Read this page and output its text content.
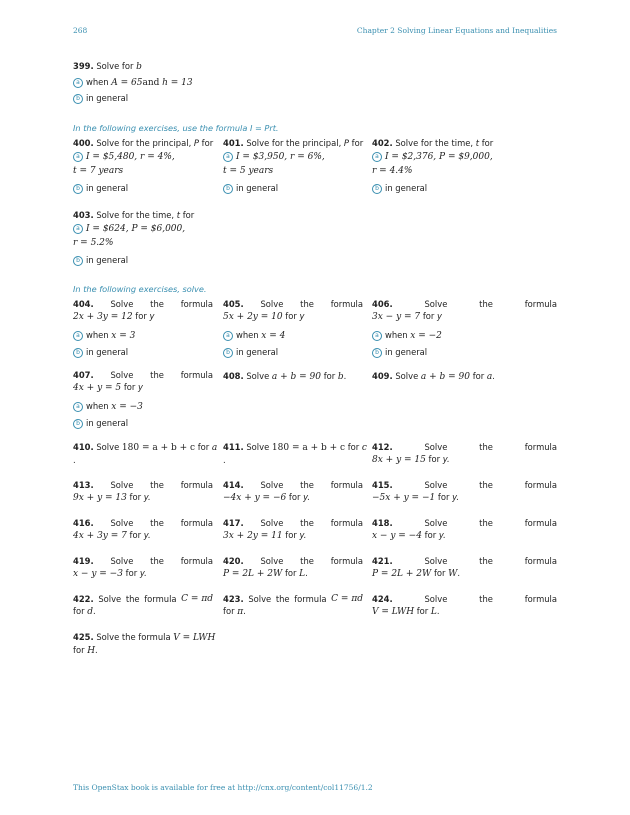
268	Chapter 2 Solving Linear Equations and Inequalities
399. Solve for b
a when A = 65and h = 13
b in general
In the following exercises, use the formula I = Prt.
400. Solve for the principal, P for
a I = $5,480, r = 4%,
t = 7 years
b in general
401. Solve for the principal, P for
a I = $3,950, r = 6%,
t = 5 years
b in general
402. Solve for the time, t for
a I = $2,376, P = $9,000,
r = 4.4%
b in general
403. Solve for the time, t for
a I = $624, P = $6,000,
r = 5.2%
b in general
In the following exercises, solve.
404. Solve the formula
2x + 3y = 12 for y
a when x = 3
b in general
405. Solve the formula
5x + 2y = 10 for y
a when x = 4
b in general
406.	Solve	the	formula
3x − y = 7 for y
a when x = −2
b in general
407. Solve the formula
4x + y = 5 for y
a when x = −3
b in general
408. Solve a + b = 90 for b.	409. Solve a + b = 90 for a.
410. Solve 180 = a + b + c for a
.
411. Solve 180 = a + b + c for c
.
412.	Solve	the	formula
8x + y = 15 for y.
413. Solve the formula
9x + y = 13 for y.
414. Solve the formula
−4x + y = −6 for y.
415.	Solve	the	formula
−5x + y = −1 for y.
416. Solve the formula
4x + 3y = 7 for y.
417. Solve the formula
3x + 2y = 11 for y.
418.	Solve	the	formula
x − y = −4 for y.
419. Solve the formula
x − y = −3 for y.
420. Solve the formula
P = 2L + 2W for L.
421.	Solve	the	formula
P = 2L + 2W for W.
422. Solve the formula C = πd
for d.
423. Solve the formula C = πd
for π.
424.	Solve	the	formula
V = LWH for L.
425. Solve the formula V = LWH
for H.
This OpenStax book is available for free at http://cnx.org/content/col11756/1.2
